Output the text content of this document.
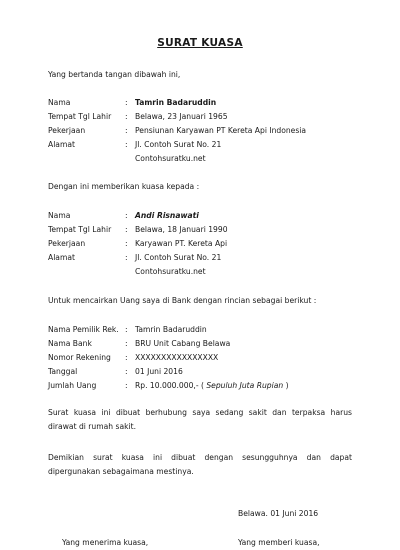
SURAT KUASA
Yang bertanda tangan dibawah ini,
Nama	: Tamrin Badaruddin
Tempat Tgl Lahir : Belawa, 23 Januari 1965
Pekerjaan	: Pensiunan Karyawan PT Kereta Api Indonesia
Alamat	: Jl. Contoh Surat No. 21
Contohsuratku.net
Dengan ini memberikan kuasa kepada :
Nama	: Andi Risnawati
Tempat Tgl Lahir : Belawa, 18 Januari 1990
Pekerjaan	: Karyawan PT. Kereta Api
Alamat	: Jl. Contoh Surat No. 21
Contohsuratku.net
Untuk mencairkan Uang saya di Bank dengan rincian sebagai berikut :
Nama Pemilik Rek. : Tamrin Badaruddin
Nama Bank	: BRU Unit Cabang Belawa
Nomor Rekening : XXXXXXXXXXXXXXXX
Tanggal	: 01 Juni 2016
Jumlah Uang	: Rp. 10.000.000,- ( Sepuluh Juta Rupian )
Surat kuasa ini dibuat berhubung saya sedang sakit dan terpaksa harus dirawat di rumah sakit.
Demikian surat kuasa ini dibuat dengan sesungguhnya dan dapat dipergunakan sebagaimana mestinya.
Belawa. 01 Juni 2016
Yang menerima kuasa,	Yang memberi kuasa,
